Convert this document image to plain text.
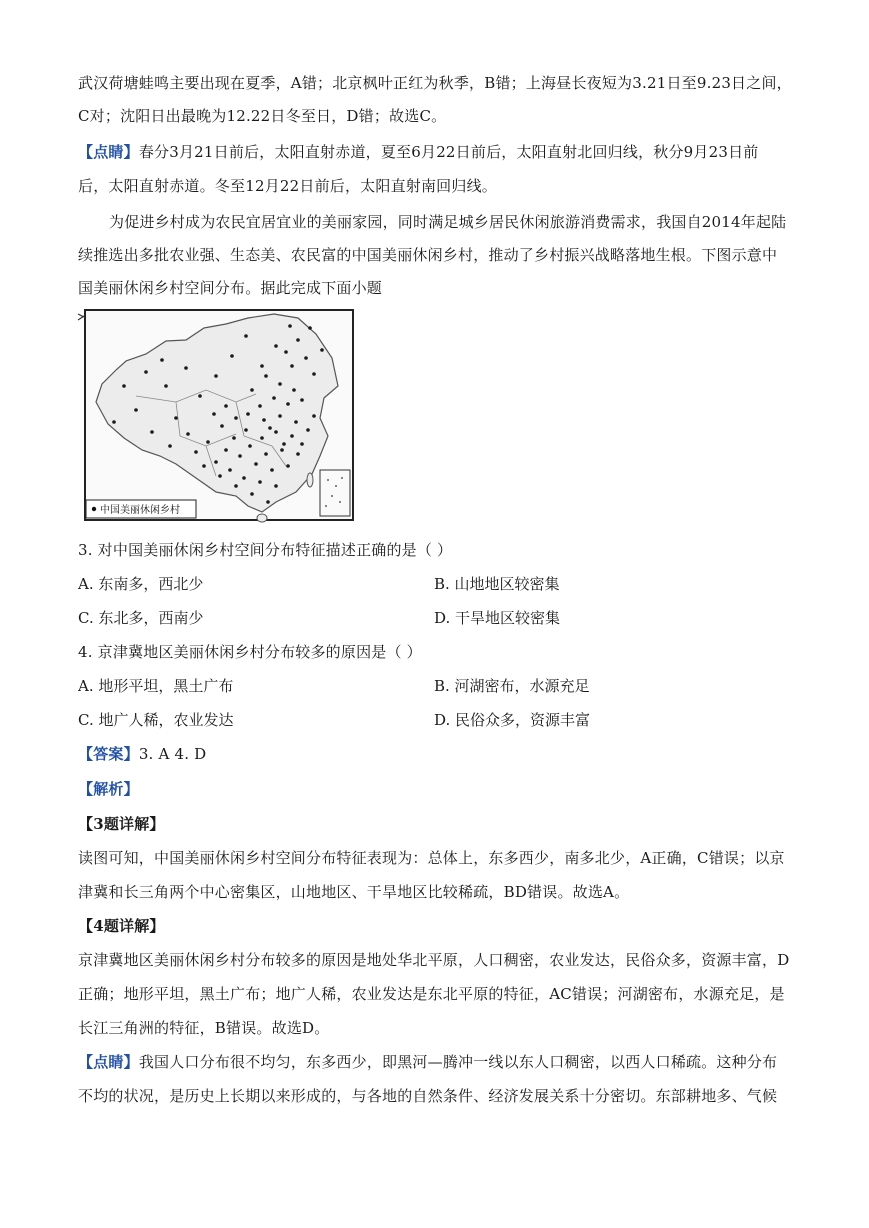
武汉荷塘蛙鸣主要出现在夏季，A错；北京枫叶正红为秋季，B错；上海昼长夜短为3.21日至9.23日之间，
C对；沈阳日出最晚为12.22日冬至日，D错；故选C。
【点睛】春分3月21日前后，太阳直射赤道，夏至6月22日前后，太阳直射北回归线，秋分9月23日前
后，太阳直射赤道。冬至12月22日前后，太阳直射南回归线。
为促进乡村成为农民宜居宜业的美丽家园，同时满足城乡居民休闲旅游消费需求，我国自2014年起陆
续推选出多批农业强、生态美、农民富的中国美丽休闲乡村，推动了乡村振兴战略落地生根。下图示意中
国美丽休闲乡村空间分布。据此完成下面小题
中国美丽休闲乡村
3. 对中国美丽休闲乡村空间分布特征描述正确的是（ ）
A. 东南多，西北少	B. 山地地区较密集
C. 东北多，西南少	D. 干旱地区较密集
4. 京津冀地区美丽休闲乡村分布较多的原因是（ ）
A. 地形平坦，黑土广布	B. 河湖密布，水源充足
C. 地广人稀，农业发达	D. 民俗众多，资源丰富
【答案】3. A 4. D
【解析】
【3题详解】
读图可知，中国美丽休闲乡村空间分布特征表现为：总体上，东多西少，南多北少，A正确，C错误；以京
津冀和长三角两个中心密集区，山地地区、干旱地区比较稀疏，BD错误。故选A。
【4题详解】
京津冀地区美丽休闲乡村分布较多的原因是地处华北平原，人口稠密，农业发达，民俗众多，资源丰富，D
正确；地形平坦，黑土广布；地广人稀，农业发达是东北平原的特征，AC错误；河湖密布，水源充足，是
长江三角洲的特征，B错误。故选D。
【点睛】我国人口分布很不均匀，东多西少，即黑河—腾冲一线以东人口稠密，以西人口稀疏。这种分布
不均的状况，是历史上长期以来形成的，与各地的自然条件、经济发展关系十分密切。东部耕地多、气候
